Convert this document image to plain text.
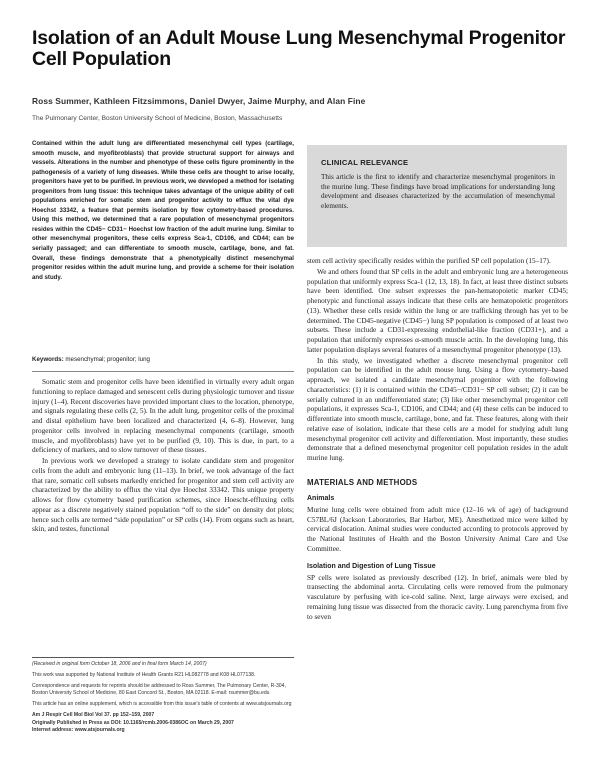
Isolation of an Adult Mouse Lung Mesenchymal Progenitor Cell Population
Ross Summer, Kathleen Fitzsimmons, Daniel Dwyer, Jaime Murphy, and Alan Fine
The Pulmonary Center, Boston University School of Medicine, Boston, Massachusetts

Contained within the adult lung are differentiated mesenchymal cell types (cartilage, smooth muscle, and myofibroblasts) that provide structural support for airways and vessels. Alterations in the number and phenotype of these cells figure prominently in the pathogenesis of a variety of lung diseases. While these cells are thought to arise locally, progenitors have yet to be purified. In previous work, we developed a method for isolating progenitors from lung tissue: this technique takes advantage of the unique ability of cell populations enriched for somatic stem and progenitor activity to efflux the vital dye Hoechst 33342, a feature that permits isolation by flow cytometry-based procedures. Using this method, we determined that a rare population of mesenchymal progenitors resides within the CD45− CD31− Hoechst low fraction of the adult murine lung. Similar to other mesenchymal progenitors, these cells express Sca-1, CD106, and CD44; can be serially passaged; and can differentiate to smooth muscle, cartilage, bone, and fat. Overall, these findings demonstrate that a phenotypically distinct mesenchymal progenitor resides within the adult murine lung, and provide a scheme for their isolation and study.

Keywords: mesenchymal; progenitor; lung

Somatic stem and progenitor cells have been identified in virtually every adult organ functioning to replace damaged and senescent cells during physiologic turnover and tissue injury (1–4). Recent discoveries have provided important clues to the location, phenotype, and signals regulating these cells (2, 5). In the adult lung, progenitor cells of the proximal and distal epithelium have been localized and characterized (4, 6–8). However, lung progenitor cells involved in replacing mesenchymal components (cartilage, smooth muscle, and myofibroblasts) have yet to be purified (9, 10). This is due, in part, to a deficiency of markers, and to slow turnover of these tissues.

In previous work we developed a strategy to isolate candidate stem and progenitor cells from the adult and embryonic lung (11–13). In brief, we took advantage of the fact that rare, somatic cell subsets markedly enriched for progenitor and stem cell activity are characterized by the ability to efflux the vital dye Hoechst 33342. This unique property allows for flow cytometry based purification schemes, since Hoescht-effluxing cells appear as a discrete negatively stained population “off to the side” on density dot plots; hence such cells are termed “side population” or SP cells (14). From organs such as heart, skin, and testes, functional

(Received in original form October 18, 2006 and in final form March 14, 2007)

This work was supported by National Institute of Health Grants R21 HL082778 and K08 HL077138.

Correspondence and requests for reprints should be addressed to Ross Summer, The Pulmonary Center, R-304, Boston University School of Medicine, 80 East Concord St., Boston, MA 02118. E-mail: rsummer@bu.edu

This article has an online supplement, which is accessible from this issue's table of contents at www.atsjournals.org

Am J Respir Cell Mol Biol Vol 37. pp 152–159, 2007

Originally Published in Press as DOI: 10.1165/rcmb.2006-0386OC on March 29, 2007

Internet address: www.atsjournals.org

CLINICAL RELEVANCE

This article is the first to identify and characterize mesenchymal progenitors in the murine lung. These findings have broad implications for understanding lung development and diseases characterized by the accumulation of mesenchymal elements.

stem cell activity specifically resides within the purified SP cell population (15–17).

We and others found that SP cells in the adult and embryonic lung are a heterogeneous population that uniformly express Sca-1 (12, 13, 18). In fact, at least three distinct subsets have been identified. One subset expresses the pan-hematopoietic marker CD45; phenotypic and functional assays indicate that these cells are hematopoietic progenitors (13). Whether these cells reside within the lung or are trafficking through has yet to be determined. The CD45-negative (CD45−) lung SP population is composed of at least two subsets. These include a CD31-expressing endothelial-like fraction (CD31+), and a population that uniformly expresses α-smooth muscle actin. In the developing lung, this latter population displays several features of a mesenchymal progenitor phenotype (13).

In this study, we investigated whether a discrete mesenchymal progenitor cell population can be identified in the adult mouse lung. Using a flow cytometry–based approach, we isolated a candidate mesenchymal progenitor with the following characteristics: (1) it is contained within the CD45−/CD31− SP cell subset; (2) it can be serially cultured in an undifferentiated state; (3) like other mesenchymal progenitor cell populations, it expresses Sca-1, CD106, and CD44; and (4) these cells can be induced to differentiate into smooth muscle, cartilage, bone, and fat. These features, along with their relative ease of isolation, indicate that these cells are a model for studying adult lung mesenchymal progenitor cell activity and differentiation. Most importantly, these studies demonstrate that a defined mesenchymal progenitor cell population resides in the adult murine lung.

MATERIALS AND METHODS
Animals

Murine lung cells were obtained from adult mice (12–16 wk of age) of background C57BL/6J (Jackson Laboratories, Bar Harbor, ME). Anesthetized mice were killed by cervical dislocation. Animal studies were conducted according to protocols approved by the National Institutes of Health and the Boston University Animal Care and Use Committee.

Isolation and Digestion of Lung Tissue

SP cells were isolated as previously described (12). In brief, animals were bled by transecting the abdominal aorta. Circulating cells were removed from the pulmonary vasculature by perfusing with ice-cold saline. Next, large airways were excised, and remaining lung tissue was dissected from the thoracic cavity. Lung parenchyma from five to seven
